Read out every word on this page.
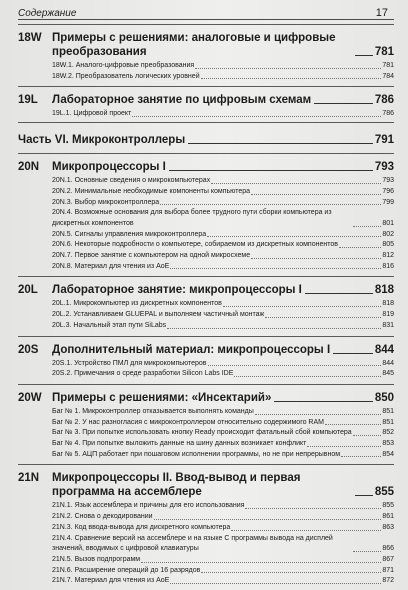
Содержание	17
18W Примеры с решениями: аналоговые и цифровые преобразования	781
18W.1. Аналого-цифровые преобразования	781
18W.2. Преобразователь логических уровней	784
19L	Лабораторное занятие по цифровым схемам	786
19L.1. Цифровой проект	786
Часть VI. Микроконтроллеры	791
20N	Микропроцессоры I	793
20N.1. Основные сведения о микрокомпьютерах	793
20N.2. Минимальные необходимые компоненты компьютера	796
20N.3. Выбор микроконтроллера	799
20N.4. Возможные основания для выбора более трудного пути сборки компьютера из дискретных компонентов	801
20N.5. Сигналы управления микроконтроллера	802
20N.6. Некоторые подробности о компьютере, собираемом из дискретных компонентов	805
20N.7. Первое занятие с компьютером на одной микросхеме	812
20N.8. Материал для чтения из АоЕ	816
20L	Лабораторное занятие: микропроцессоры I	818
20L.1. Микрокомпьютер из дискретных компонентов	818
20L.2. Устанавливаем GLUEPAL и выполняем частичный монтаж	819
20L.3. Начальный этап пути SiLabs	831
20S	Дополнительный материал: микропроцессоры I	844
20S.1. Устройство ПМЛ для микрокомпьютеров	844
20S.2. Примечания о среде разработки Silicon Labs IDE	845
20W Примеры с решениями: «Инсектарий»	850
Баг № 1. Микроконтроллер отказывается выполнять команды	851
Баг № 2. У нас разногласия с микроконтроллером относительно содержимого RAM	851
Баг № 3. При попытке использовать кнопку Ready происходит фатальный сбой компьютера	852
Баг № 4. При попытке выложить данные на шину данных возникает конфликт	853
Баг № 5. АЦП работает при пошаговом исполнении программы, но не при непрерывном	854
21N	Микропроцессоры II. Ввод-вывод и первая программа на ассемблере	855
21N.1. Язык ассемблера и причины для его использования	855
21N.2. Снова о декодировании	861
21N.3. Код ввода-вывода для дискретного компьютера	863
21N.4. Сравнение версий на ассемблере и на языке С программы вывода на дисплей значений, вводимых с цифровой клавиатуры	866
21N.5. Вызов подпрограмм	867
21N.6. Расширение операций до 16 разрядов	871
21N.7. Материал для чтения из АоЕ	872
